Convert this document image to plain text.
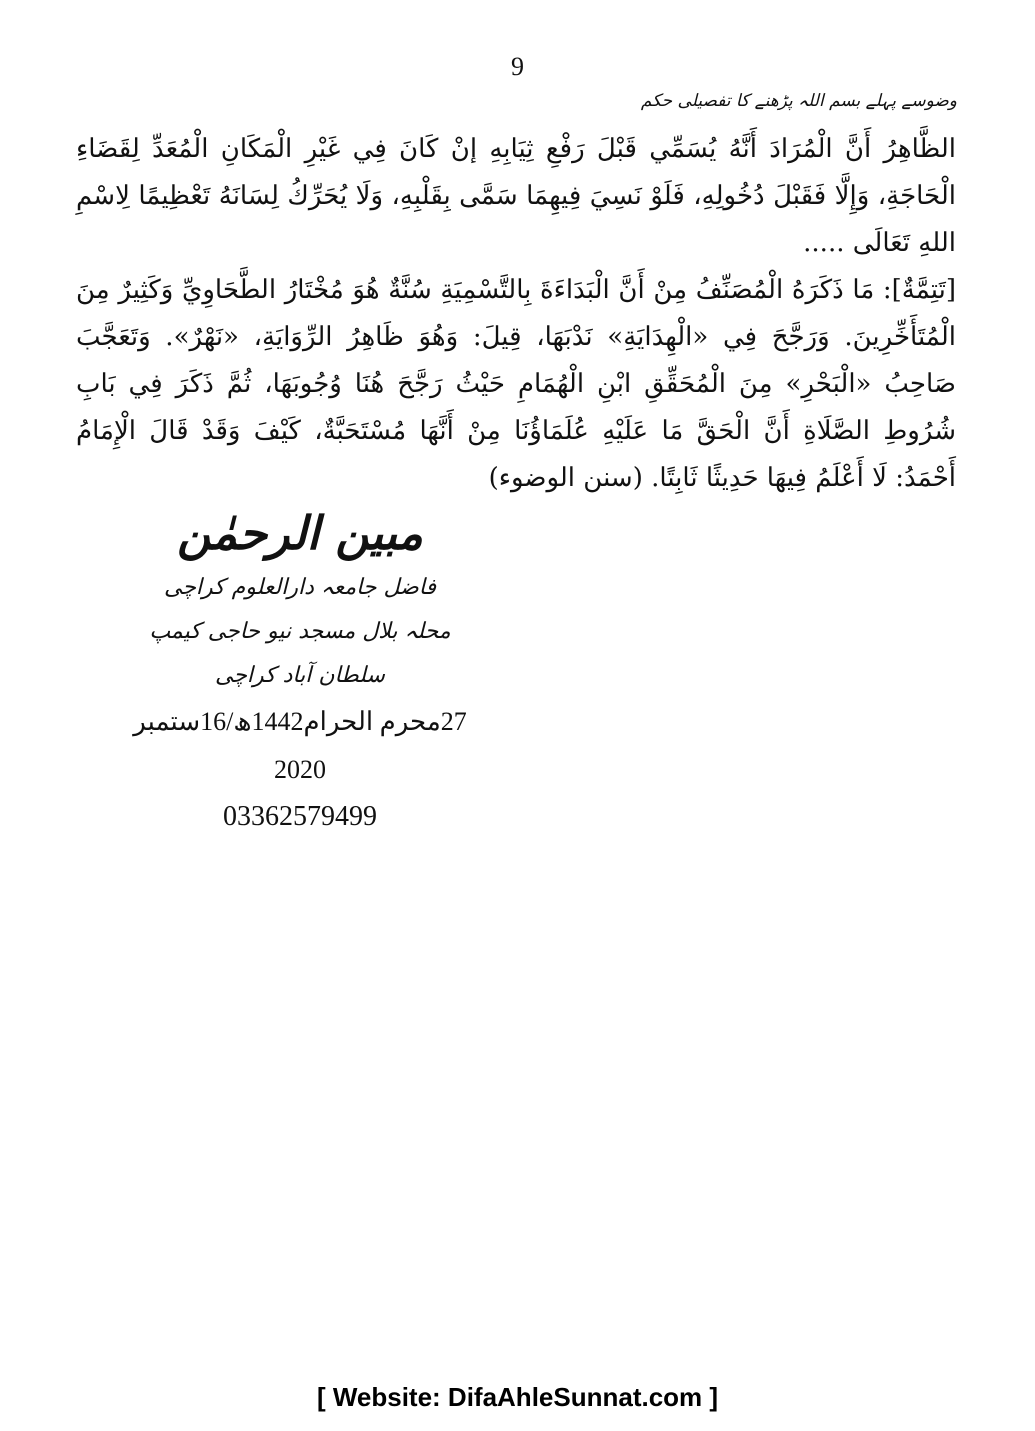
9
وضوسے پہلے بسم اللہ پڑھنے کا تفصیلی حکم

الظَّاهِرُ أَنَّ الْمُرَادَ أَنَّهُ يُسَمِّي قَبْلَ رَفْعِ ثِيَابِهِ إنْ كَانَ فِي غَيْرِ الْمَكَانِ الْمُعَدِّ لِقَضَاءِ الْحَاجَةِ، وَإِلَّا فَقَبْلَ دُخُولِهِ، فَلَوْ نَسِيَ فِيهِمَا سَمَّى بِقَلْبِهِ، وَلَا يُحَرِّكُ لِسَانَهُ تَعْظِيمًا لِاسْمِ اللهِ تَعَالَى .....

[تَتِمَّةٌ]: مَا ذَكَرَهُ الْمُصَنِّفُ مِنْ أَنَّ الْبَدَاءَةَ بِالتَّسْمِيَةِ سُنَّةٌ هُوَ مُخْتَارُ الطَّحَاوِيِّ وَكَثِيرٌ مِنَ الْمُتَأَخِّرِينَ. وَرَجَّحَ فِي «الْهِدَايَةِ» نَدْبَهَا، قِيلَ: وَهُوَ ظَاهِرُ الرِّوَايَةِ، «نَهْرٌ». وَتَعَجَّبَ صَاحِبُ «الْبَحْرِ» مِنَ الْمُحَقِّقِ ابْنِ الْهُمَامِ حَيْثُ رَجَّحَ هُنَا وُجُوبَهَا، ثُمَّ ذَكَرَ فِي بَابِ شُرُوطِ الصَّلَاةِ أَنَّ الْحَقَّ مَا عَلَيْهِ عُلَمَاؤُنَا مِنْ أَنَّهَا مُسْتَحَبَّةٌ، كَيْفَ وَقَدْ قَالَ الْإِمَامُ أَحْمَدُ: لَا أَعْلَمُ فِيهَا حَدِيثًا ثَابِتًا. (سنن الوضوء)

مبین الرحمٰن
فاضل جامعہ دارالعلوم کراچی
محلہ بلال مسجد نیو حاجی کیمپ سلطان آباد کراچی
27محرم الحرام1442ھ/16ستمبر 2020
03362579499
[ Website: DifaAhleSunnat.com ]
